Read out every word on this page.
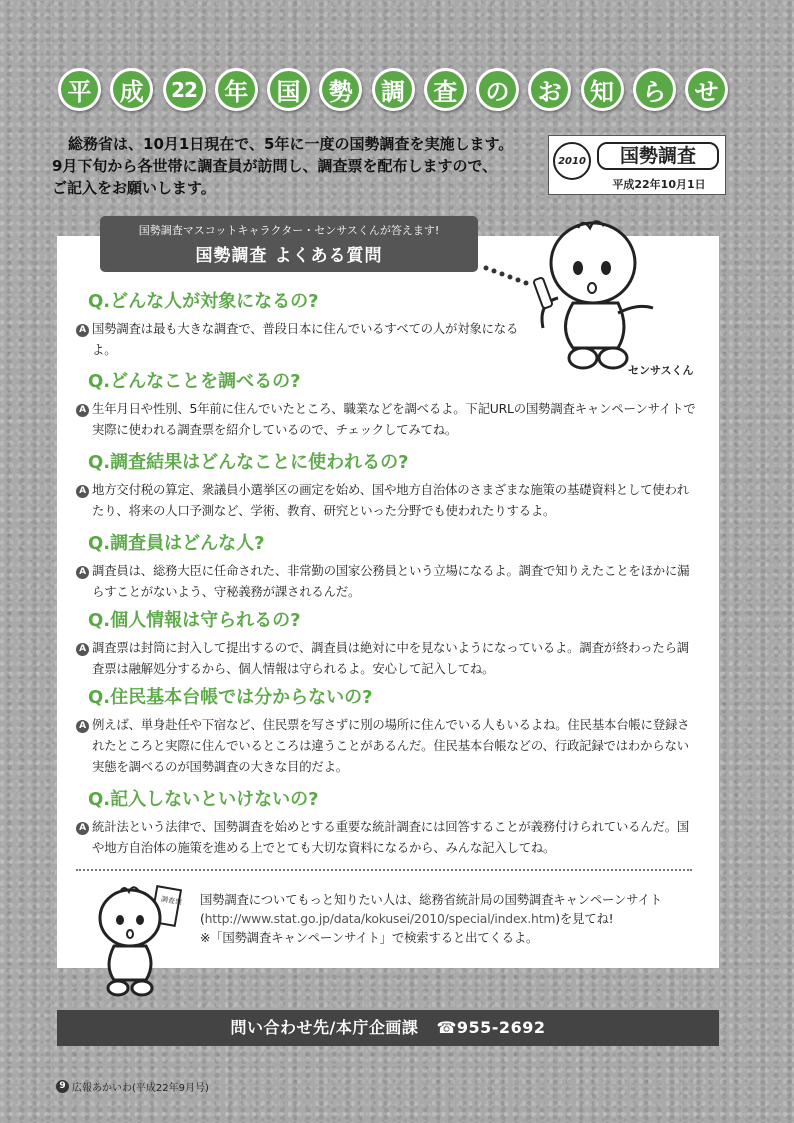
平	成	22	年	国	勢	調	査	の	お	知	ら	せ
総務省は、10月1日現在で、5年に一度の国勢調査を実施します。
9月下旬から各世帯に調査員が訪問し、調査票を配布しますので、
ご記入をお願いします。
2010	国勢調査
平成22年10月1日
国勢調査マスコットキャラクター・センサスくんが答えます!
国勢調査 よくある質問
センサスくん
Q.どんな人が対象になるの?
A 国勢調査は最も大きな調査で、普段日本に住んでいるすべての人が対象になるよ。
Q.どんなことを調べるの?
A 生年月日や性別、5年前に住んでいたところ、職業などを調べるよ。下記URLの国勢調査キャンペーンサイトで実際に使われる調査票を紹介しているので、チェックしてみてね。
Q.調査結果はどんなことに使われるの?
A 地方交付税の算定、衆議員小選挙区の画定を始め、国や地方自治体のさまざまな施策の基礎資料として使われたり、将来の人口予測など、学術、教育、研究といった分野でも使われたりするよ。
Q.調査員はどんな人?
A 調査員は、総務大臣に任命された、非常勤の国家公務員という立場になるよ。調査で知りえたことをほかに漏らすことがないよう、守秘義務が課されるんだ。
Q.個人情報は守られるの?
A 調査票は封筒に封入して提出するので、調査員は絶対に中を見ないようになっているよ。調査が終わったら調査票は融解処分するから、個人情報は守られるよ。安心して記入してね。
Q.住民基本台帳では分からないの?
A 例えば、単身赴任や下宿など、住民票を写さずに別の場所に住んでいる人もいるよね。住民基本台帳に登録されたところと実際に住んでいるところは違うことがあるんだ。住民基本台帳などの、行政記録ではわからない実態を調べるのが国勢調査の大きな目的だよ。
Q.記入しないといけないの?
A 統計法という法律で、国勢調査を始めとする重要な統計調査には回答することが義務付けられているんだ。国や地方自治体の施策を進める上でとても大切な資料になるから、みんな記入してね。
調査票 国勢調査についてもっと知りたい人は、総務省統計局の国勢調査キャンペーンサイト
(http://www.stat.go.jp/data/kokusei/2010/special/index.htm)を見てね!
※「国勢調査キャンペーンサイト」で検索すると出てくるよ。
問い合わせ先/本庁企画課 ☎955-2692
9 広報あかいわ(平成22年9月号)
